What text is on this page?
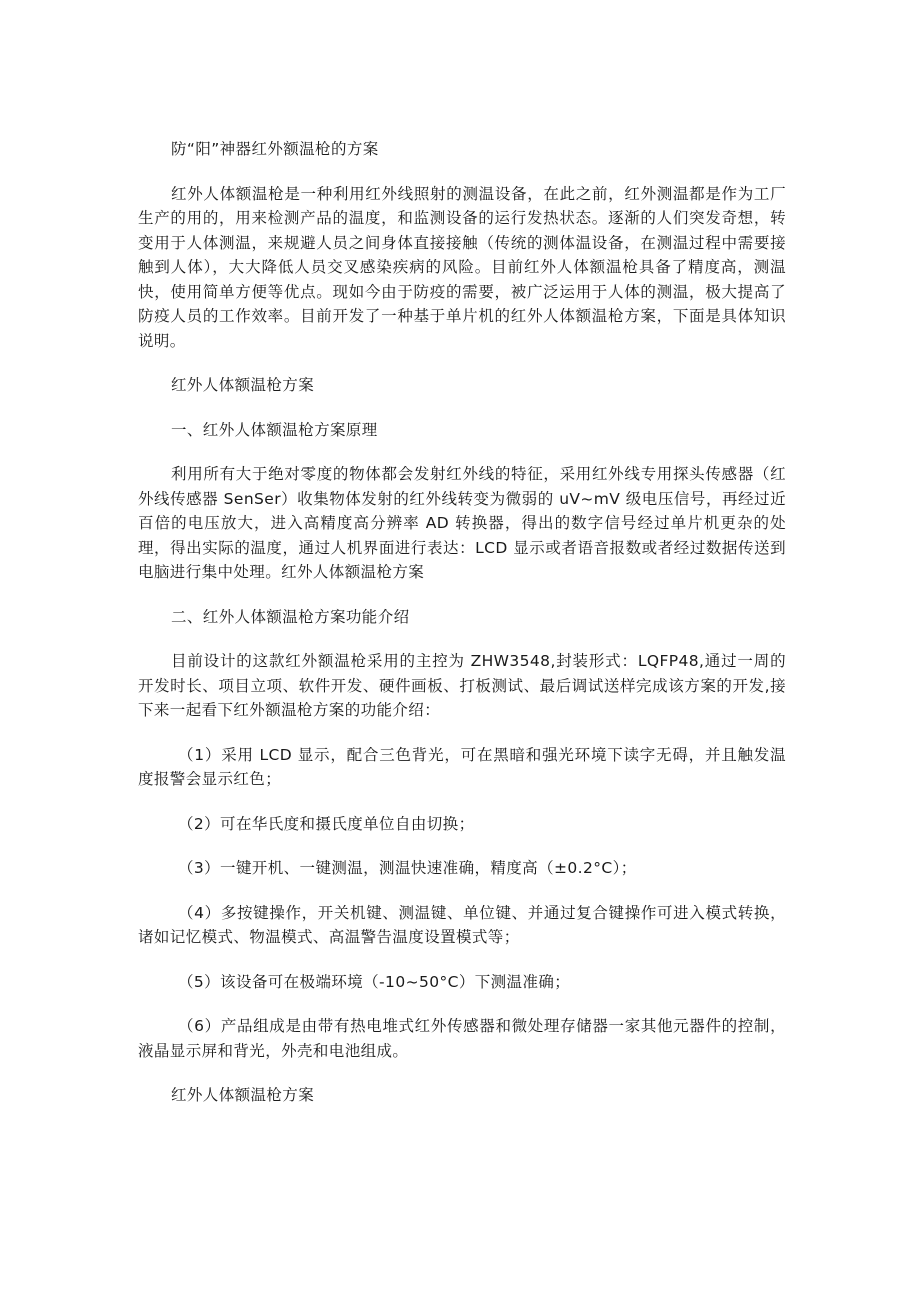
防“阳”神器红外额温枪的方案

红外人体额温枪是一种利用红外线照射的测温设备，在此之前，红外测温都是作为工厂生产的用的，用来检测产品的温度，和监测设备的运行发热状态。逐渐的人们突发奇想，转变用于人体测温，来规避人员之间身体直接接触（传统的测体温设备，在测温过程中需要接触到人体），大大降低人员交叉感染疾病的风险。目前红外人体额温枪具备了精度高，测温快，使用简单方便等优点。现如今由于防疫的需要，被广泛运用于人体的测温，极大提高了防疫人员的工作效率。目前开发了一种基于单片机的红外人体额温枪方案，下面是具体知识说明。

红外人体额温枪方案

一、红外人体额温枪方案原理

利用所有大于绝对零度的物体都会发射红外线的特征，采用红外线专用探头传感器（红外线传感器 SenSer）收集物体发射的红外线转变为微弱的 uV~mV 级电压信号，再经过近百倍的电压放大，进入高精度高分辨率 AD 转换器，得出的数字信号经过单片机更杂的处理，得出实际的温度，通过人机界面进行表达：LCD 显示或者语音报数或者经过数据传送到电脑进行集中处理。红外人体额温枪方案

二、红外人体额温枪方案功能介绍

目前设计的这款红外额温枪采用的主控为 ZHW3548,封装形式：LQFP48,通过一周的开发时长、项目立项、软件开发、硬件画板、打板测试、最后调试送样完成该方案的开发,接下来一起看下红外额温枪方案的功能介绍：

（1）采用 LCD 显示，配合三色背光，可在黑暗和强光环境下读字无碍，并且触发温度报警会显示红色；

（2）可在华氏度和摄氏度单位自由切换；

（3）一键开机、一键测温，测温快速准确，精度高（±0.2°C）；

（4）多按键操作，开关机键、测温键、单位键、并通过复合键操作可进入模式转换，诸如记忆模式、物温模式、高温警告温度设置模式等；

（5）该设备可在极端环境（-10~50°C）下测温准确；

（6）产品组成是由带有热电堆式红外传感器和微处理存储器一家其他元器件的控制，液晶显示屏和背光，外壳和电池组成。

红外人体额温枪方案
